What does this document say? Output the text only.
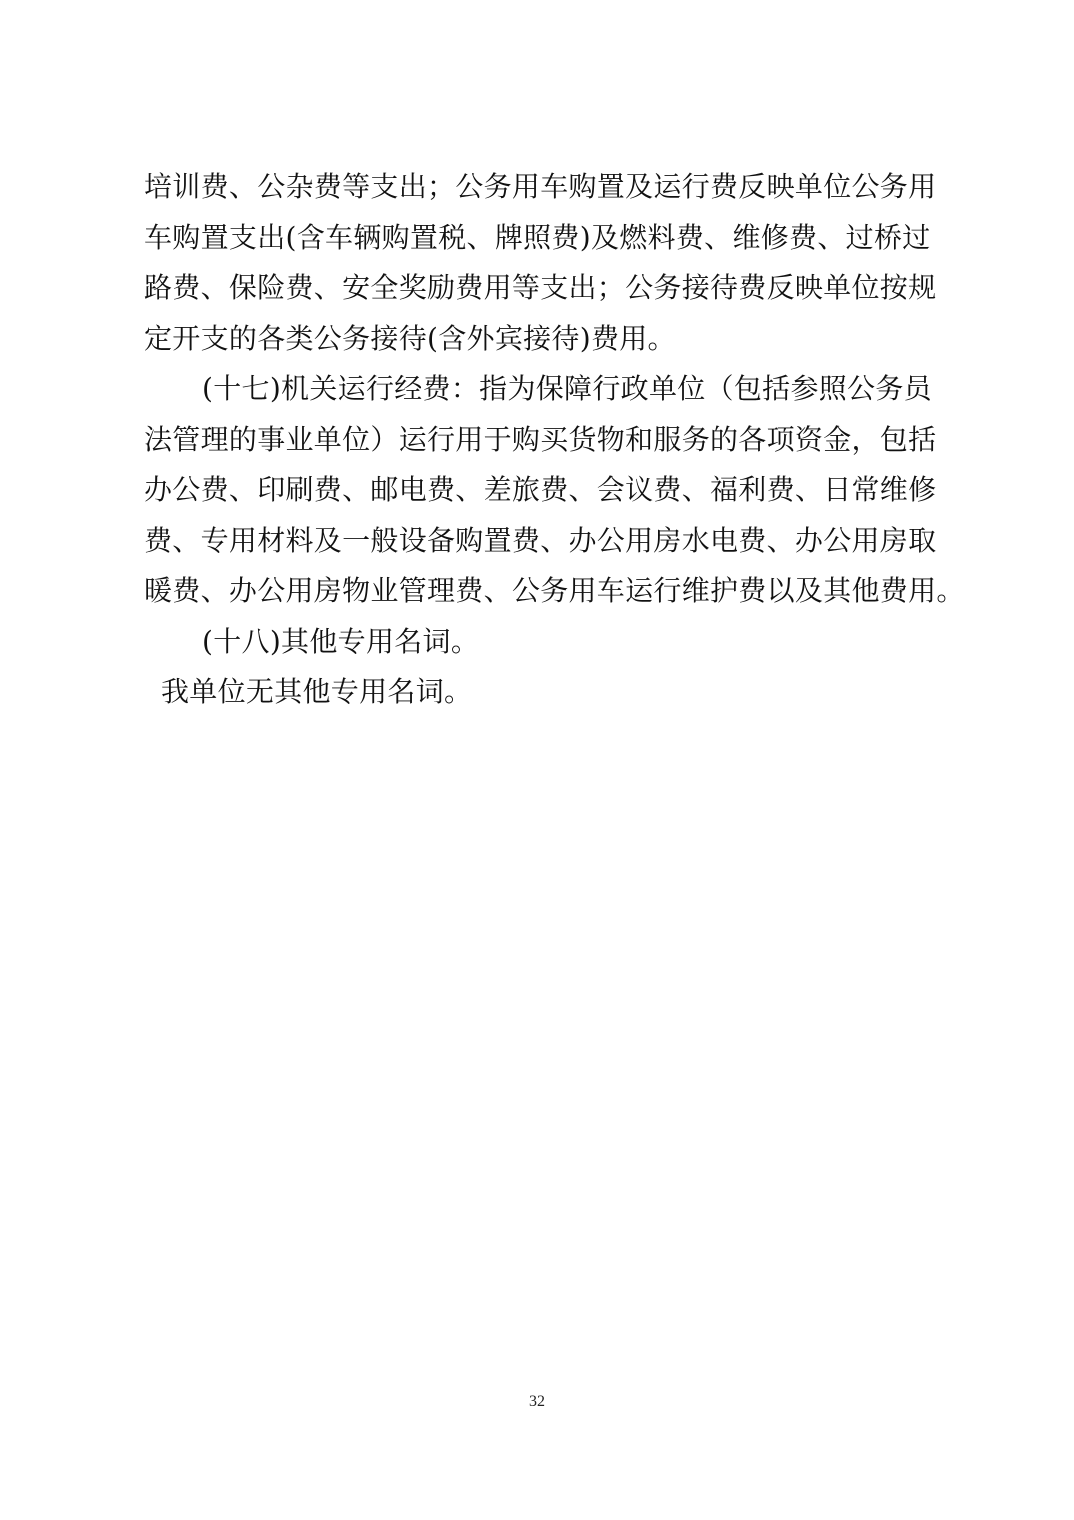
培训费、公杂费等支出；公务用车购置及运行费反映单位公务用
车购置支出(含车辆购置税、牌照费)及燃料费、维修费、过桥过
路费、保险费、安全奖励费用等支出；公务接待费反映单位按规
定开支的各类公务接待(含外宾接待)费用。
(十七)机关运行经费：指为保障行政单位（包括参照公务员
法管理的事业单位）运行用于购买货物和服务的各项资金，包括
办公费、印刷费、邮电费、差旅费、会议费、福利费、日常维修
费、专用材料及一般设备购置费、办公用房水电费、办公用房取
暖费、办公用房物业管理费、公务用车运行维护费以及其他费用。
(十八)其他专用名词。
我单位无其他专用名词。
32
